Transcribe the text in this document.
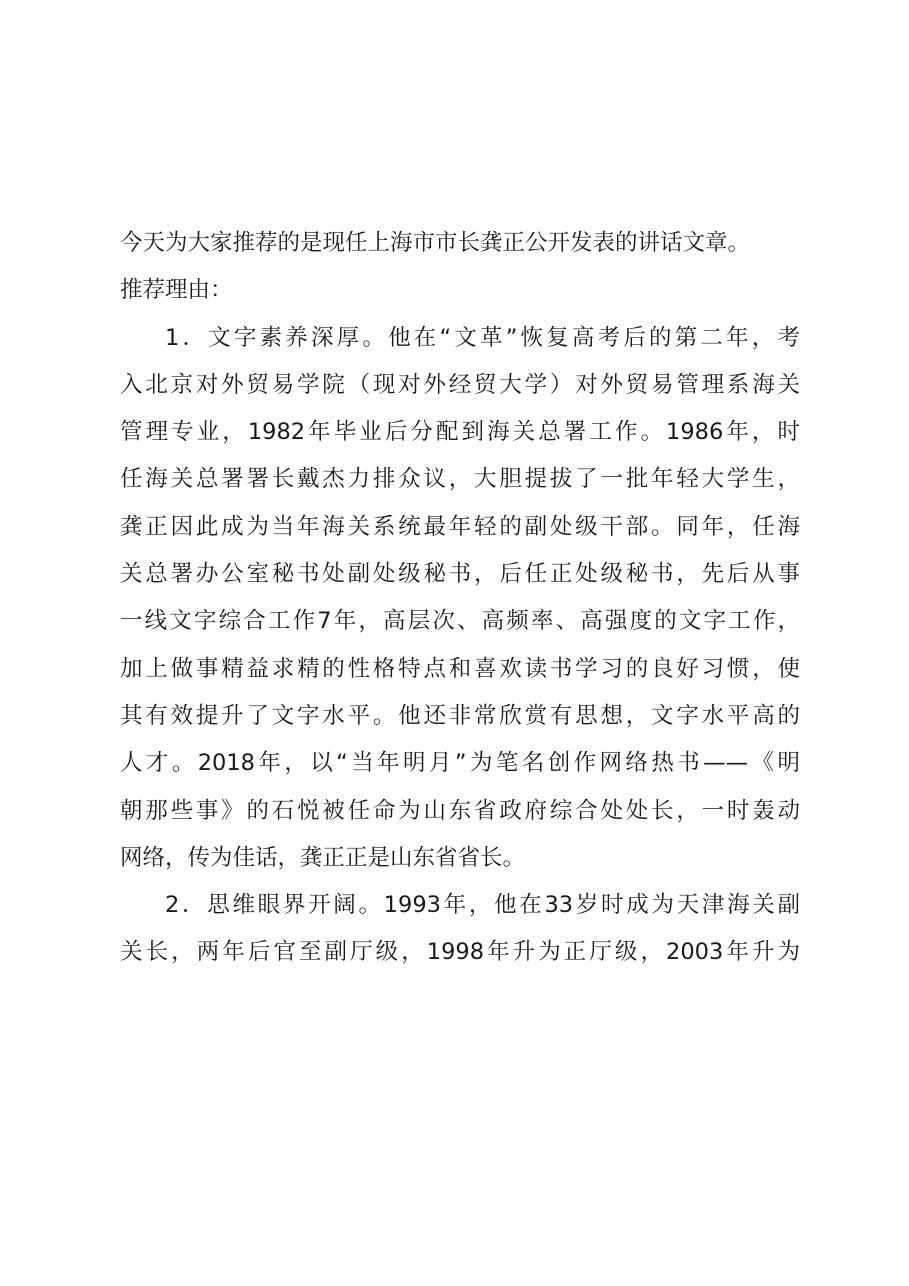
今天为大家推荐的是现任上海市市长龚正公开发表的讲话文章。
推荐理由：
1．文字素养深厚。他在“文革”恢复高考后的第二年，考
入北京对外贸易学院（现对外经贸大学）对外贸易管理系海关
管理专业，1982年毕业后分配到海关总署工作。1986年，时
任海关总署署长戴杰力排众议，大胆提拔了一批年轻大学生，
龚正因此成为当年海关系统最年轻的副处级干部。同年，任海
关总署办公室秘书处副处级秘书，后任正处级秘书，先后从事
一线文字综合工作7年，高层次、高频率、高强度的文字工作，
加上做事精益求精的性格特点和喜欢读书学习的良好习惯，使
其有效提升了文字水平。他还非常欣赏有思想，文字水平高的
人才。2018年，以“当年明月”为笔名创作网络热书——《明
朝那些事》的石悦被任命为山东省政府综合处处长，一时轰动
网络，传为佳话，龚正正是山东省省长。
2．思维眼界开阔。1993年，他在33岁时成为天津海关副
关长，两年后官至副厅级，1998年升为正厅级，2003年升为
